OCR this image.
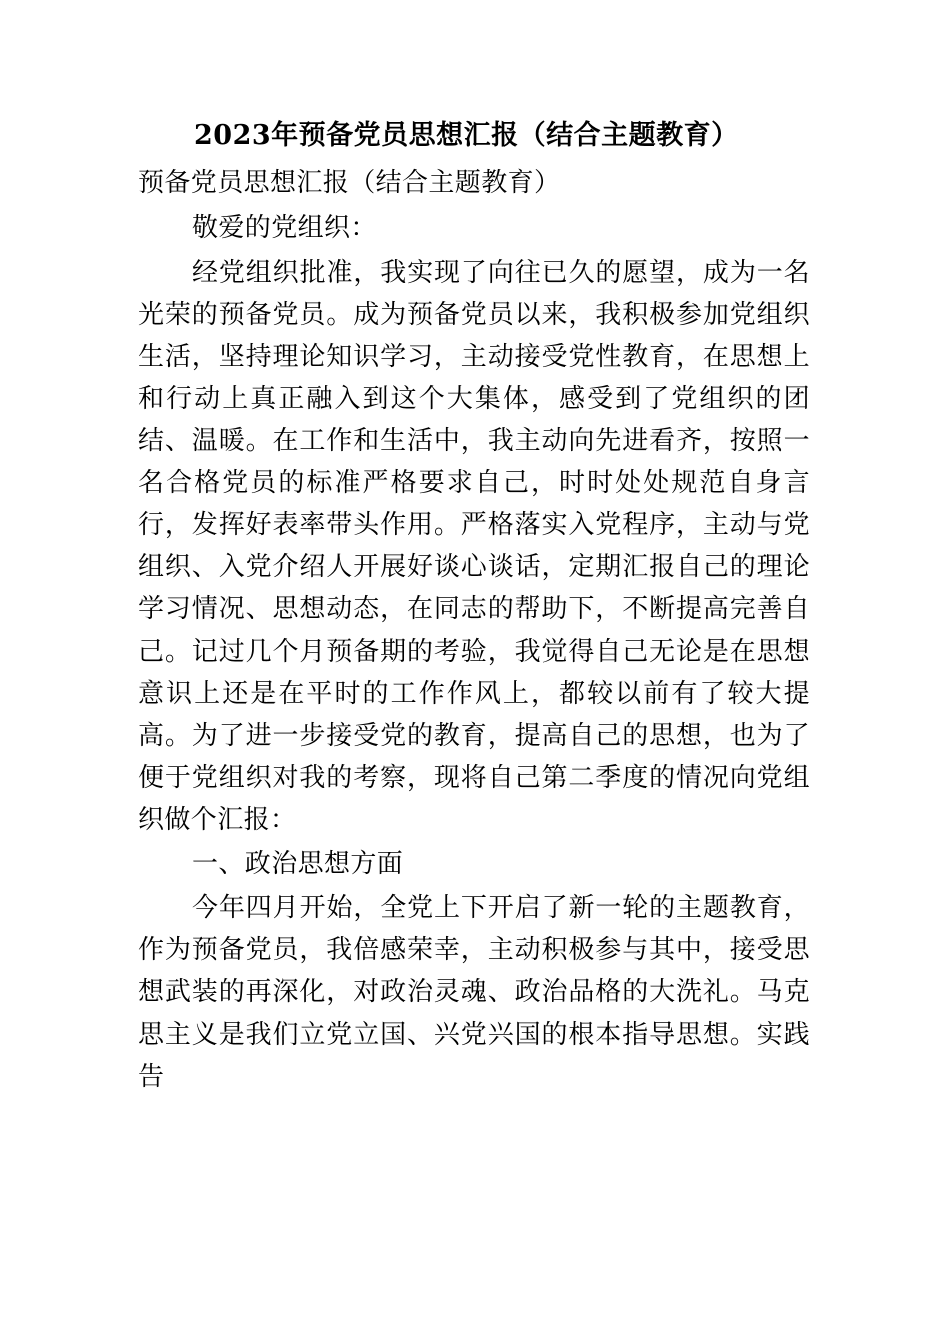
2023年预备党员思想汇报（结合主题教育）

预备党员思想汇报（结合主题教育）

敬爱的党组织：

经党组织批准，我实现了向往已久的愿望，成为一名光荣的预备党员。成为预备党员以来，我积极参加党组织生活，坚持理论知识学习，主动接受党性教育，在思想上和行动上真正融入到这个大集体，感受到了党组织的团结、温暖。在工作和生活中，我主动向先进看齐，按照一名合格党员的标准严格要求自己，时时处处规范自身言行，发挥好表率带头作用。严格落实入党程序，主动与党组织、入党介绍人开展好谈心谈话，定期汇报自己的理论学习情况、思想动态，在同志的帮助下，不断提高完善自己。记过几个月预备期的考验，我觉得自己无论是在思想意识上还是在平时的工作作风上，都较以前有了较大提高。为了进一步接受党的教育，提高自己的思想，也为了便于党组织对我的考察，现将自己第二季度的情况向党组织做个汇报：

一、政治思想方面

今年四月开始，全党上下开启了新一轮的主题教育，作为预备党员，我倍感荣幸，主动积极参与其中，接受思想武装的再深化，对政治灵魂、政治品格的大洗礼。马克思主义是我们立党立国、兴党兴国的根本指导思想。实践告
